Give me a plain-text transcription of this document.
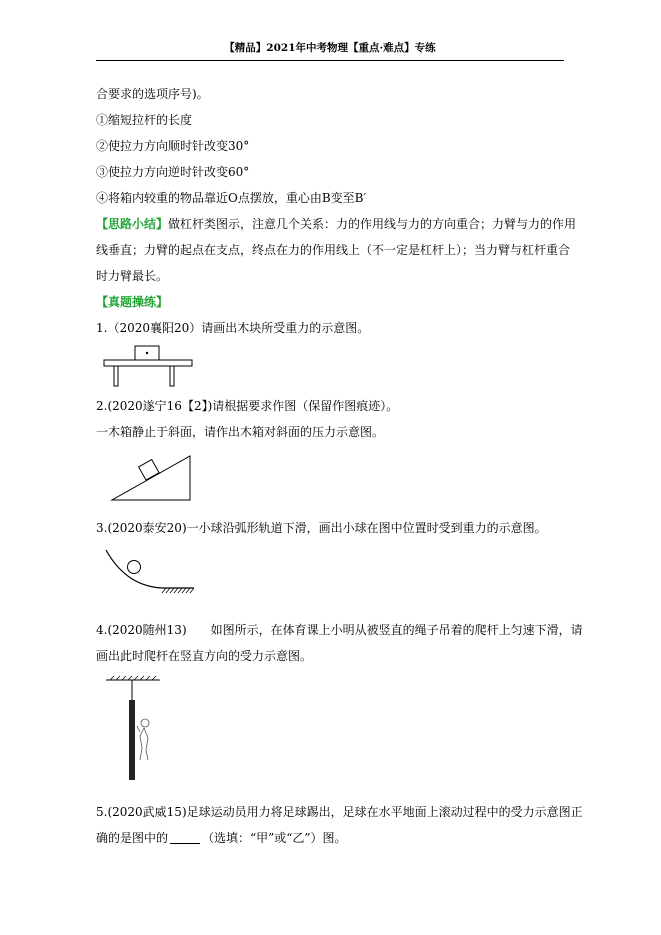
【精品】2021年中考物理【重点·难点】专练
合要求的选项序号)。
①缩短拉杆的长度
②使拉力方向顺时针改变30°
③使拉力方向逆时针改变60°
④将箱内较重的物品靠近O点摆放，重心由B变至B′
【思路小结】做杠杆类图示，注意几个关系：力的作用线与力的方向重合；力臂与力的作用
线垂直；力臂的起点在支点，终点在力的作用线上（不一定是杠杆上）；当力臂与杠杆重合
时力臂最长。
【真题操练】
1.（2020襄阳20）请画出木块所受重力的示意图。
2.(2020遂宁16【2】)请根据要求作图（保留作图痕迹）。
一木箱静止于斜面，请作出木箱对斜面的压力示意图。
3.(2020泰安20)一小球沿弧形轨道下滑，画出小球在图中位置时受到重力的示意图。
4.(2020随州13)　　如图所示，在体育课上小明从被竖直的绳子吊着的爬杆上匀速下滑，请
画出此时爬杆在竖直方向的受力示意图。
5.(2020武威15)足球运动员用力将足球踢出，足球在水平地面上滚动过程中的受力示意图正
确的是图中的	（选填：“甲”或“乙”）图。
